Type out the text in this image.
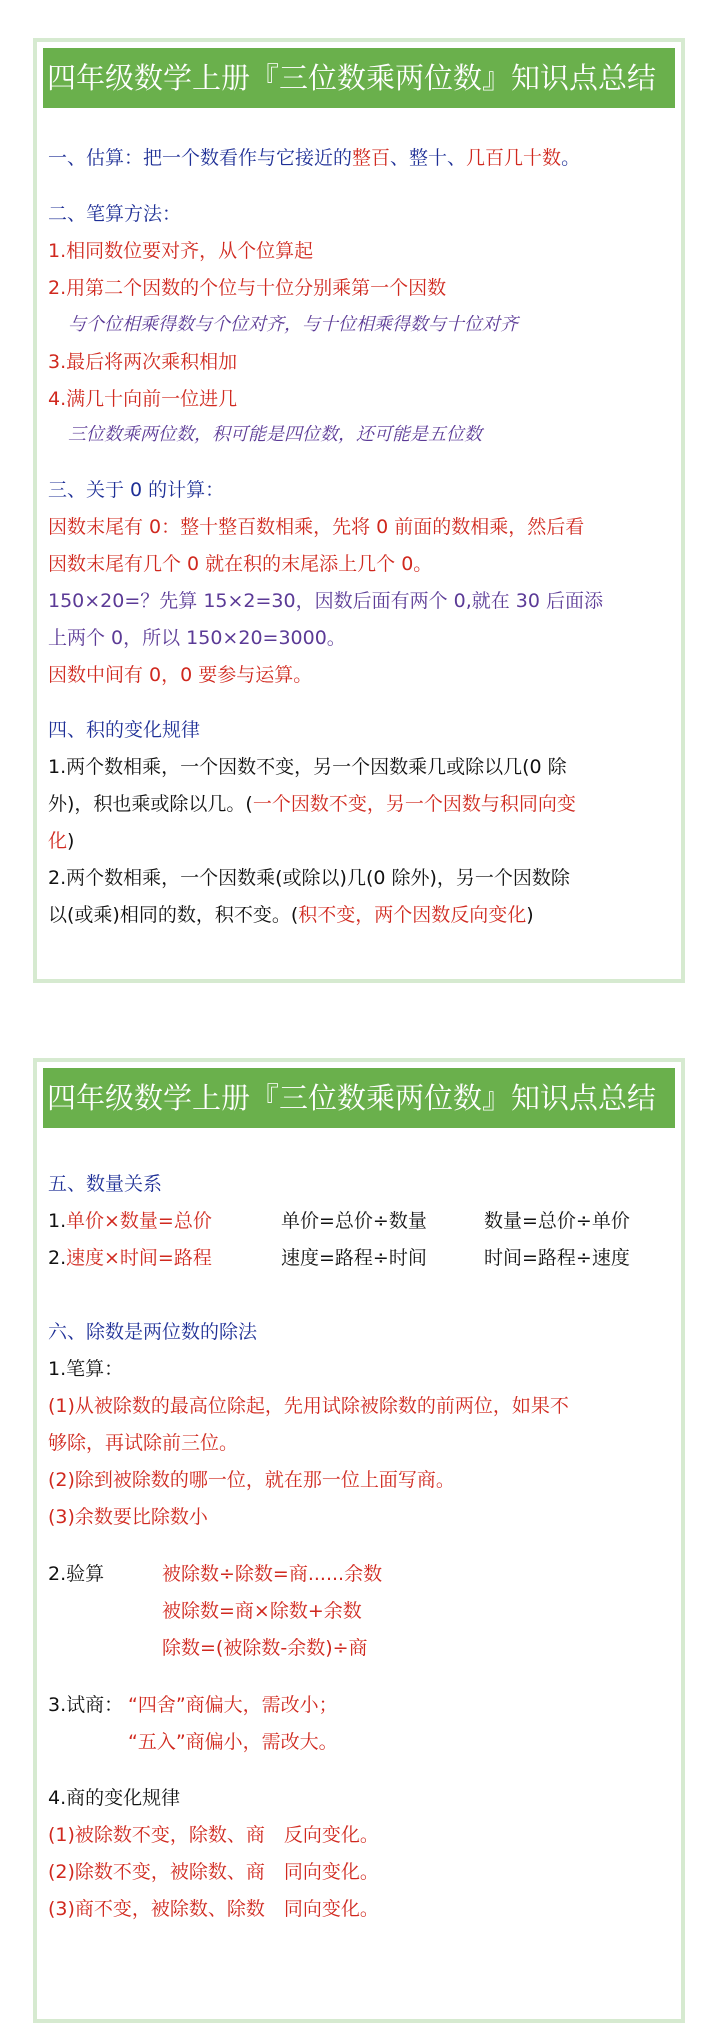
四年级数学上册『三位数乘两位数』知识点总结
一、估算：把一个数看作与它接近的整百、整十、几百几十数。
二、笔算方法：
1.相同数位要对齐，从个位算起
2.用第二个因数的个位与十位分别乘第一个因数
与个位相乘得数与个位对齐，与十位相乘得数与十位对齐
3.最后将两次乘积相加
4.满几十向前一位进几
三位数乘两位数，积可能是四位数，还可能是五位数
三、关于 0 的计算：
因数末尾有 0：整十整百数相乘，先将 0 前面的数相乘，然后看
因数末尾有几个 0 就在积的末尾添上几个 0。
150×20=？先算 15×2=30，因数后面有两个 0,就在 30 后面添
上两个 0，所以 150×20=3000。
因数中间有 0，0 要参与运算。
四、积的变化规律
1.两个数相乘，一个因数不变，另一个因数乘几或除以几(0 除
外)，积也乘或除以几。(一个因数不变，另一个因数与积同向变
化)
2.两个数相乘，一个因数乘(或除以)几(0 除外)，另一个因数除
以(或乘)相同的数，积不变。(积不变，两个因数反向变化)
四年级数学上册『三位数乘两位数』知识点总结
五、数量关系
1. 单价×数量=总价	单价=总价÷数量	数量=总价÷单价
2. 速度×时间=路程	速度=路程÷时间	时间=路程÷速度
六、除数是两位数的除法
1.笔算：
(1)从被除数的最高位除起，先用试除被除数的前两位，如果不
够除，再试除前三位。
(2)除到被除数的哪一位，就在那一位上面写商。
(3)余数要比除数小
2.验算	被除数÷除数=商......余数
被除数=商×除数+余数
除数=(被除数-余数)÷商
3.试商： “四舍”商偏大，需改小；
“五入”商偏小，需改大。
4.商的变化规律
(1)被除数不变，除数、商　反向变化。
(2)除数不变，被除数、商　同向变化。
(3)商不变，被除数、除数　同向变化。
